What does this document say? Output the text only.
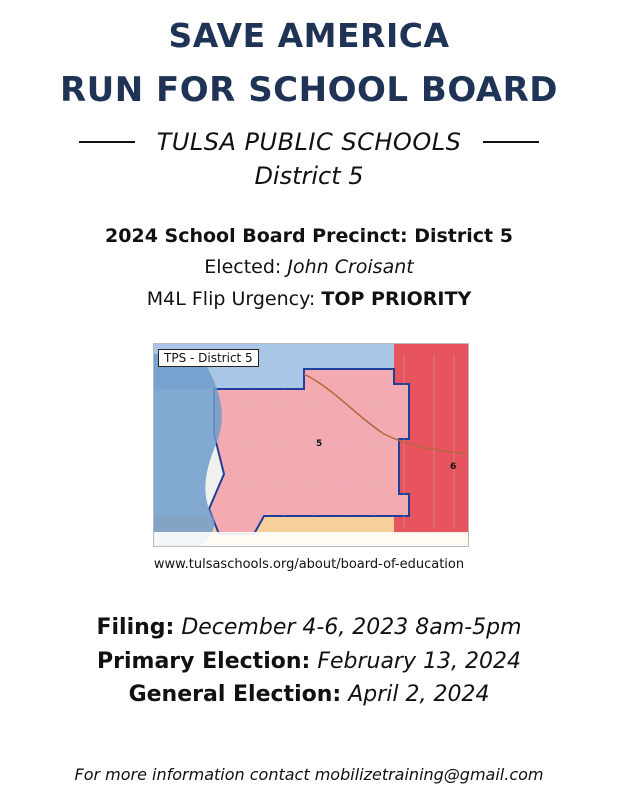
SAVE AMERICA
RUN FOR SCHOOL BOARD
TULSA PUBLIC SCHOOLS
District 5
2024 School Board Precinct: District 5
Elected: John Croisant
M4L Flip Urgency: TOP PRIORITY
TPS - District 5
5
6
www.tulsaschools.org/about/board-of-education
Filing: December 4-6, 2023 8am-5pm
Primary Election: February 13, 2024
General Election: April 2, 2024
For more information contact mobilizetraining@gmail.com
